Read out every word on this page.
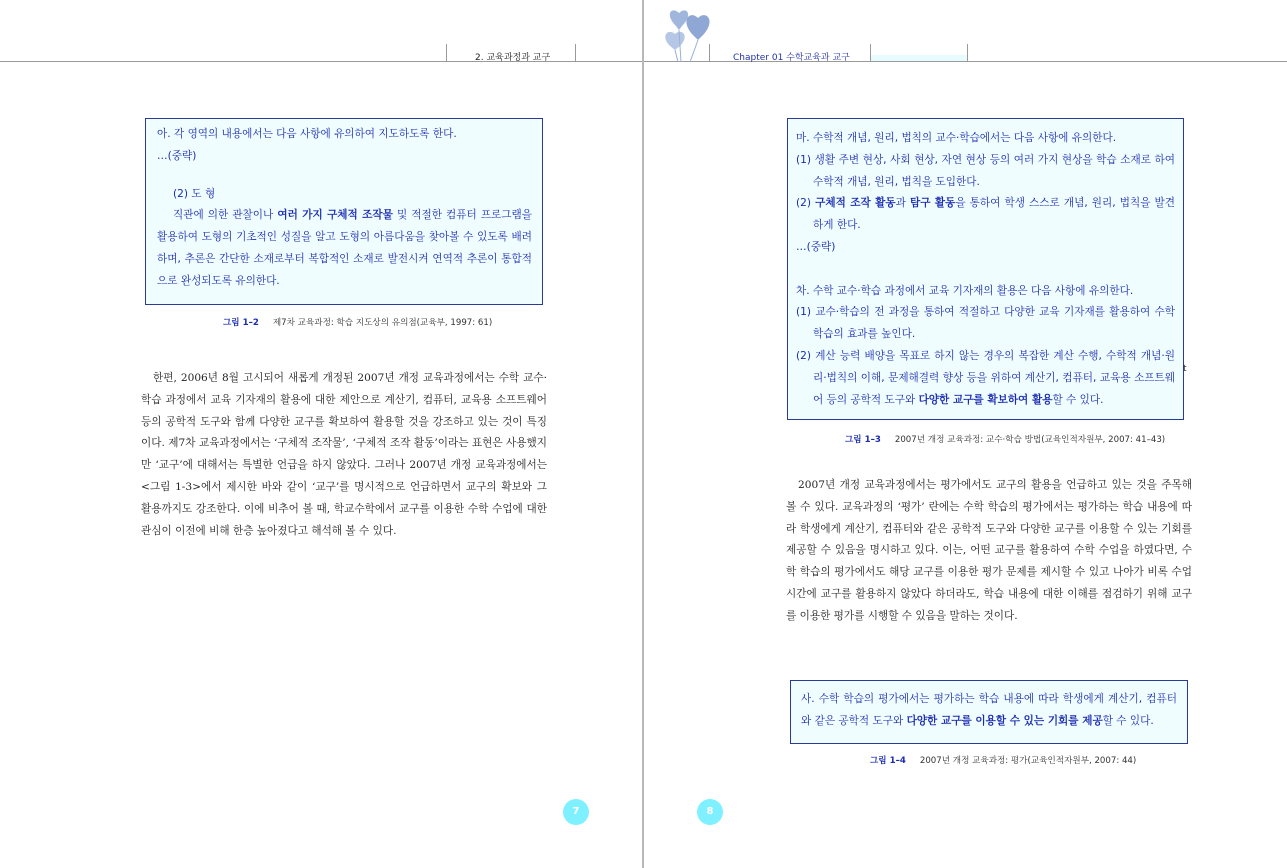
2. 교육과정과 교구

아. 각 영역의 내용에서는 다음 사항에 유의하여 지도하도록 한다.

…(중략)

(2) 도 형

직관에 의한 관찰이나 여러 가지 구체적 조작물 및 적절한 컴퓨터 프로그램을 활용하여 도형의 기초적인 성질을 알고 도형의 아름다움을 찾아볼 수 있도록 배려하며, 추론은 간단한 소재로부터 복합적인 소재로 발전시켜 연역적 추론이 통합적으로 완성되도록 유의한다.

그림 1–2 제7차 교육과정: 학습 지도상의 유의점(교육부, 1997: 61)

한편, 2006년 8월 고시되어 새롭게 개정된 2007년 개정 교육과정에서는 수학 교수·학습 과정에서 교육 기자재의 활용에 대한 제안으로 계산기, 컴퓨터, 교육용 소프트웨어 등의 공학적 도구와 함께 다양한 교구를 확보하여 활용할 것을 강조하고 있는 것이 특징이다. 제7차 교육과정에서는 ‘구체적 조작물’, ‘구체적 조작 활동’이라는 표현은 사용했지만 ‘교구’에 대해서는 특별한 언급을 하지 않았다. 그러나 2007년 개정 교육과정에서는 <그림 1-3>에서 제시한 바와 같이 ‘교구’를 명시적으로 언급하면서 교구의 확보와 그 활용까지도 강조한다. 이에 비추어 볼 때, 학교수학에서 교구를 이용한 수학 수업에 대한 관심이 이전에 비해 한층 높아졌다고 해석해 볼 수 있다.

7
Chapter 01 수학교육과 교구

마. 수학적 개념, 원리, 법칙의 교수·학습에서는 다음 사항에 유의한다.

(1) 생활 주변 현상, 사회 현상, 자연 현상 등의 여러 가지 현상을 학습 소재로 하여 수학적 개념, 원리, 법칙을 도입한다.

(2) 구체적 조작 활동과 탐구 활동을 통하여 학생 스스로 개념, 원리, 법칙을 발견하게 한다.

…(중략)

차. 수학 교수·학습 과정에서 교육 기자재의 활용은 다음 사항에 유의한다.

(1) 교수·학습의 전 과정을 통하여 적절하고 다양한 교육 기자재를 활용하여 수학 학습의 효과를 높인다.

(2) 계산 능력 배양을 목표로 하지 않는 경우의 복잡한 계산 수행, 수학적 개념·원리·법칙의 이해, 문제해결력 향상 등을 위하여 계산기, 컴퓨터, 교육용 소프트웨어 등의 공학적 도구와 다양한 교구를 확보하여 활용할 수 있다.

t
그림 1–3 2007년 개정 교육과정: 교수·학습 방법(교육인적자원부, 2007: 41–43)

2007년 개정 교육과정에서는 평가에서도 교구의 활용을 언급하고 있는 것을 주목해 볼 수 있다. 교육과정의 ‘평가’ 란에는 수학 학습의 평가에서는 평가하는 학습 내용에 따라 학생에게 계산기, 컴퓨터와 같은 공학적 도구와 다양한 교구를 이용할 수 있는 기회를 제공할 수 있음을 명시하고 있다. 이는, 어떤 교구를 활용하여 수학 수업을 하였다면, 수학 학습의 평가에서도 해당 교구를 이용한 평가 문제를 제시할 수 있고 나아가 비록 수업 시간에 교구를 활용하지 않았다 하더라도, 학습 내용에 대한 이해를 점검하기 위해 교구를 이용한 평가를 시행할 수 있음을 말하는 것이다.

사. 수학 학습의 평가에서는 평가하는 학습 내용에 따라 학생에게 계산기, 컴퓨터와 같은 공학적 도구와 다양한 교구를 이용할 수 있는 기회를 제공할 수 있다.

그림 1–4 2007년 개정 교육과정: 평가(교육인적자원부, 2007: 44)
8
